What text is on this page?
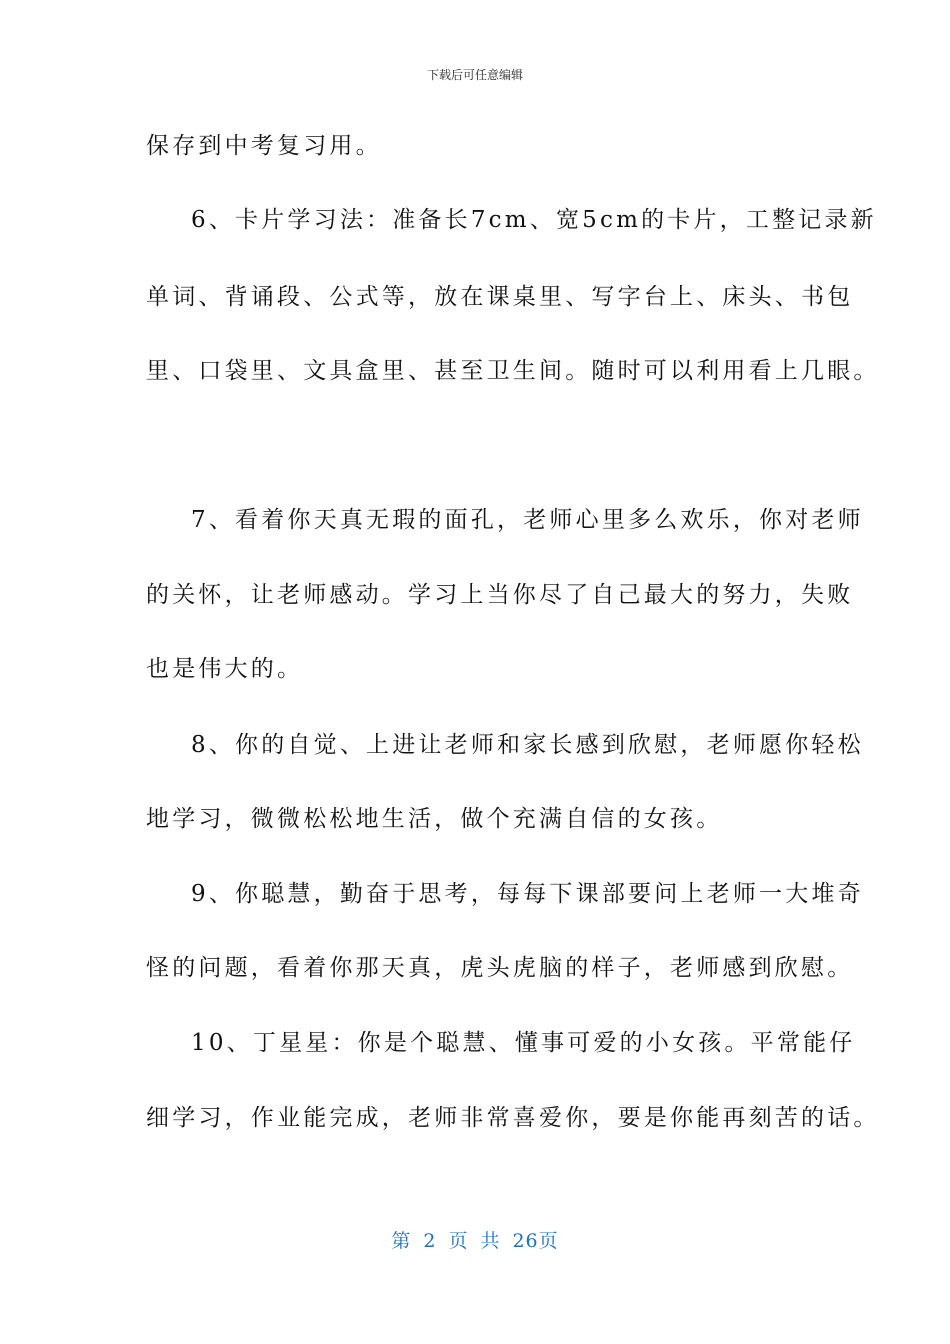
下载后可任意编辑
保存到中考复习用。
6、卡片学习法：准备长7cm、宽5cm的卡片，工整记录新
单词、背诵段、公式等，放在课桌里、写字台上、床头、书包
里、口袋里、文具盒里、甚至卫生间。随时可以利用看上几眼。
7、看着你天真无瑕的面孔，老师心里多么欢乐，你对老师
的关怀，让老师感动。学习上当你尽了自己最大的努力，失败
也是伟大的。
8、你的自觉、上进让老师和家长感到欣慰，老师愿你轻松
地学习，微微松松地生活，做个充满自信的女孩。
9、你聪慧，勤奋于思考，每每下课部要问上老师一大堆奇
怪的问题，看着你那天真，虎头虎脑的样子，老师感到欣慰。
10、丁星星：你是个聪慧、懂事可爱的小女孩。平常能仔
细学习，作业能完成，老师非常喜爱你，要是你能再刻苦的话。
第 2 页 共 26页
